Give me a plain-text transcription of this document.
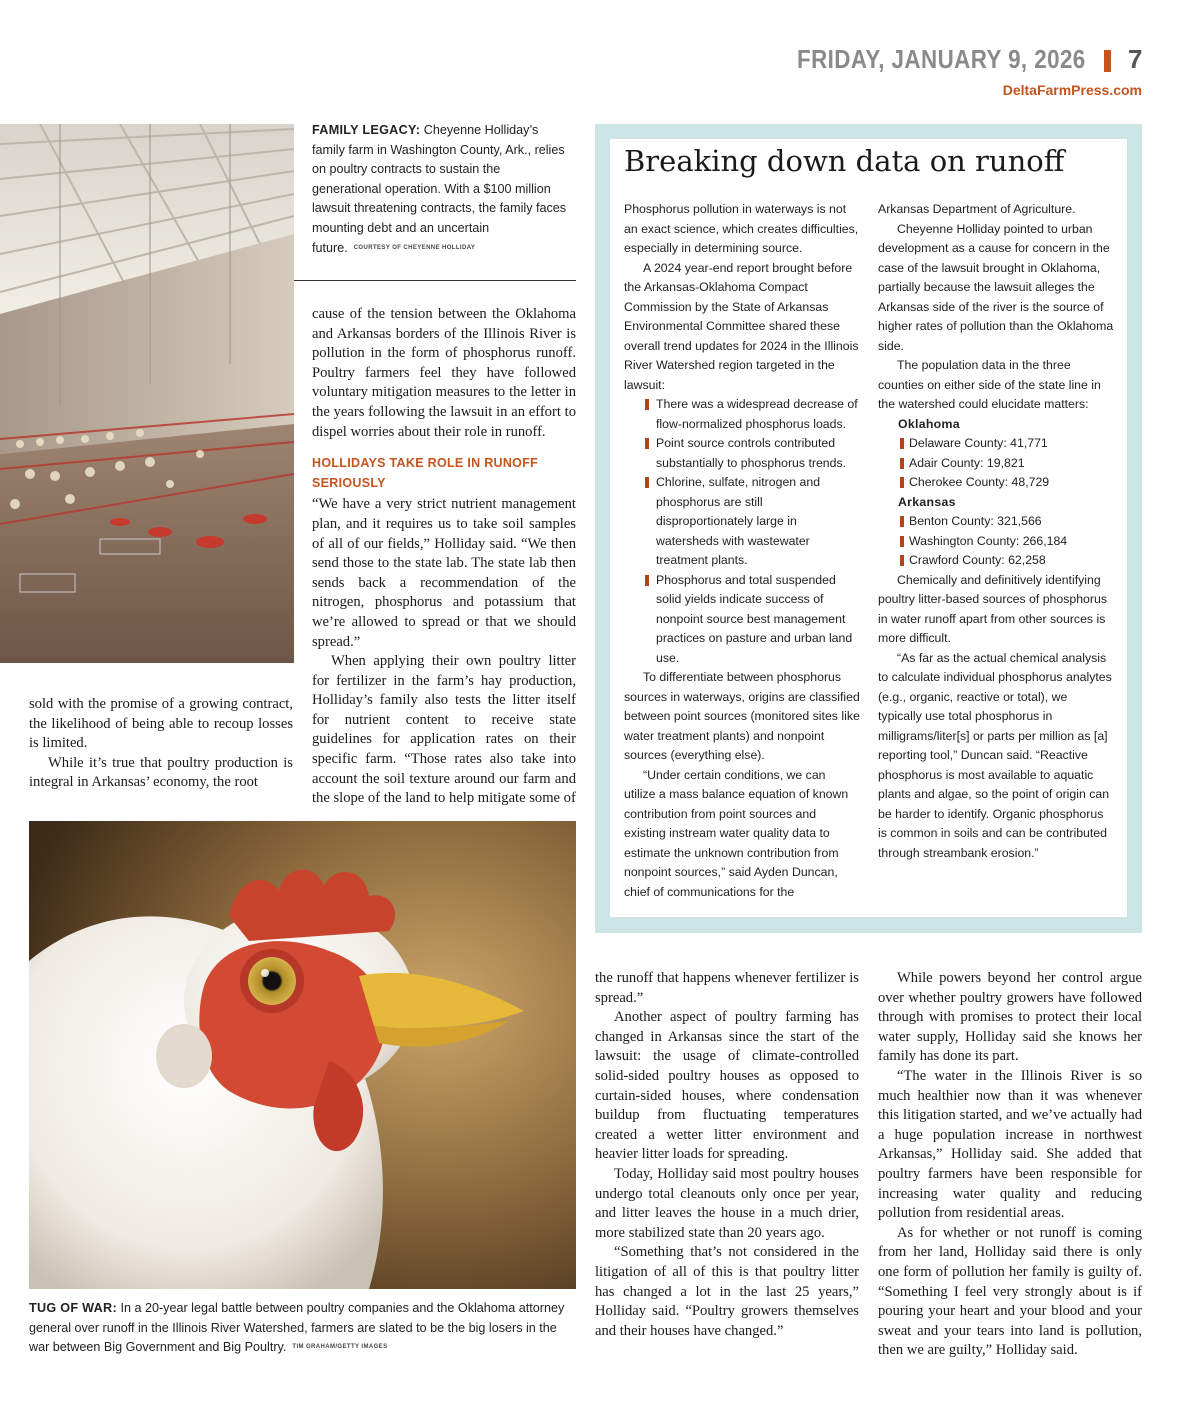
FRIDAY, JANUARY 9, 2026 7
DeltaFarmPress.com
FAMILY LEGACY: Cheyenne Holliday’s family farm in Washington County, Ark., relies on poultry contracts to sustain the generational operation. With a $100 million lawsuit threatening contracts, the family faces mounting debt and an uncertain future. COURTESY OF CHEYENNE HOLLIDAY

cause of the tension between the Oklahoma and Arkansas borders of the Illinois River is pollution in the form of phosphorus runoff. Poultry farmers feel they have followed voluntary mitigation measures to the letter in the years following the lawsuit in an effort to dispel worries about their role in runoff.

HOLLIDAYS TAKE ROLE IN RUNOFF SERIOUSLY

“We have a very strict nutrient management plan, and it requires us to take soil samples of all of our fields,” Holliday said. “We then send those to the state lab. The state lab then sends back a recommendation of the nitrogen, phosphorus and potassium that we’re allowed to spread or that we should spread.”

When applying their own poultry litter for fertilizer in the farm’s hay production, Holliday’s family also tests the litter itself for nutrient content to receive state guidelines for application rates on their specific farm. “Those rates also take into account the soil texture around our farm and the slope of the land to help mitigate some of

sold with the promise of a growing contract, the likelihood of being able to recoup losses is limited.

While it’s true that poultry production is integral in Arkansas’ economy, the root

Breaking down data on runoff

Phosphorus pollution in waterways is not an exact science, which creates difficulties, especially in determining source.

A 2024 year-end report brought before the Arkansas-Oklahoma Compact Commission by the State of Arkansas Environmental Committee shared these overall trend updates for 2024 in the Illinois River Watershed region targeted in the lawsuit:

There was a widespread decrease of flow-normalized phosphorus loads.
Point source controls contributed substantially to phosphorus trends.
Chlorine, sulfate, nitrogen and phosphorus are still disproportionately large in watersheds with wastewater treatment plants.
Phosphorus and total suspended solid yields indicate success of nonpoint source best management practices on pasture and urban land use.

To differentiate between phosphorus sources in waterways, origins are classified between point sources (monitored sites like water treatment plants) and nonpoint sources (everything else).

“Under certain conditions, we can utilize a mass balance equation of known contribution from point sources and existing instream water quality data to estimate the unknown contribution from nonpoint sources,” said Ayden Duncan, chief of communications for the

Arkansas Department of Agriculture.

Cheyenne Holliday pointed to urban development as a cause for concern in the case of the lawsuit brought in Oklahoma, partially because the lawsuit alleges the Arkansas side of the river is the source of higher rates of pollution than the Oklahoma side.

The population data in the three counties on either side of the state line in the watershed could elucidate matters:

Oklahoma
Delaware County: 41,771
Adair County: 19,821
Cherokee County: 48,729
Arkansas
Benton County: 321,566
Washington County: 266,184
Crawford County: 62,258

Chemically and definitively identifying poultry litter-based sources of phosphorus in water runoff apart from other sources is more difficult.

“As far as the actual chemical analysis to calculate individual phosphorus analytes (e.g., organic, reactive or total), we typically use total phosphorus in milligrams/liter[s] or parts per million as [a] reporting tool,” Duncan said. “Reactive phosphorus is most available to aquatic plants and algae, so the point of origin can be harder to identify. Organic phosphorus is common in soils and can be contributed through streambank erosion.”

TUG OF WAR: In a 20-year legal battle between poultry companies and the Oklahoma attorney general over runoff in the Illinois River Watershed, farmers are slated to be the big losers in the war between Big Government and Big Poultry. TIM GRAHAM/GETTY IMAGES

the runoff that happens whenever fertilizer is spread.”

Another aspect of poultry farming has changed in Arkansas since the start of the lawsuit: the usage of climate-controlled solid-sided poultry houses as opposed to curtain-sided houses, where condensation buildup from fluctuating temperatures created a wetter litter environment and heavier litter loads for spreading.

Today, Holliday said most poultry houses undergo total cleanouts only once per year, and litter leaves the house in a much drier, more stabilized state than 20 years ago.

“Something that’s not considered in the litigation of all of this is that poultry litter has changed a lot in the last 25 years,” Holliday said. “Poultry growers themselves and their houses have changed.”

While powers beyond her control argue over whether poultry growers have followed through with promises to protect their local water supply, Holliday said she knows her family has done its part.

“The water in the Illinois River is so much healthier now than it was whenever this litigation started, and we’ve actually had a huge population increase in northwest Arkansas,” Holliday said. She added that poultry farmers have been responsible for increasing water quality and reducing pollution from residential areas.

As for whether or not runoff is coming from her land, Holliday said there is only one form of pollution her family is guilty of. “Something I feel very strongly about is if pouring your heart and your blood and your sweat and your tears into land is pollution, then we are guilty,” Holliday said.
